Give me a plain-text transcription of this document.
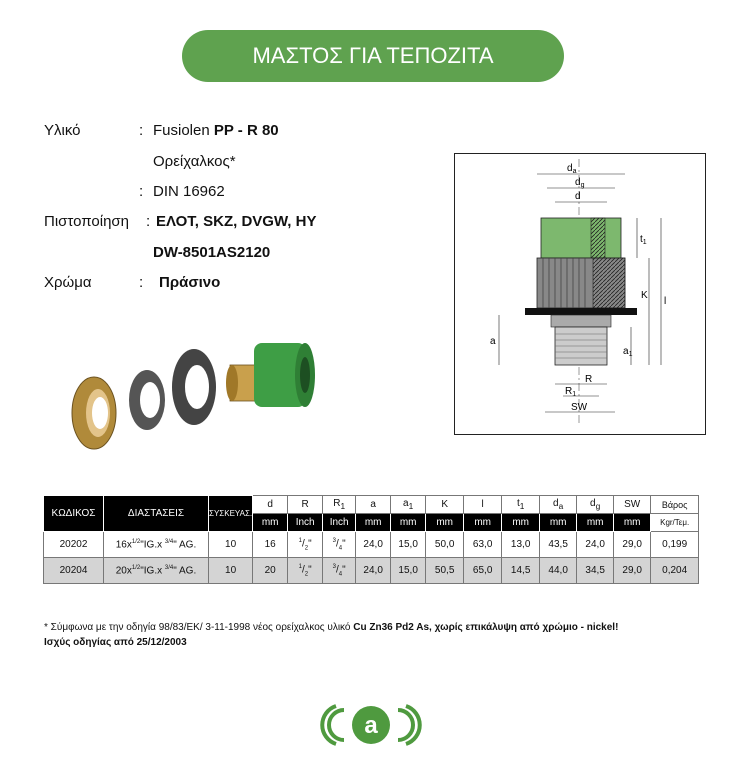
ΜΑΣΤΟΣ ΓΙΑ ΤΕΠΟΖΙΤΑ
Υλικό	: Fusiolen PP - R 80
Ορείχαλκος*
: DIN 16962
Πιστοποίηση	: ΕΛΟΤ, SKZ, DVGW, HY
DW-8501AS2120
Χρώμα	:	Πράσινο
$d_a$
$d_g$
d
$t_1$
K
l
a
$a_1$
R
$R_1$
SW
ΚΩΔΙΚΟΣ	ΔΙΑΣΤΑΣΕΙΣ	ΣΥΣΚΕΥΑΣ.	d	R	$R_1$	a	$a_1$	K	l	$t_1$	$d_a$	$d_g$	SW	Βάρος
			mm	Inch	Inch	mm	mm	mm	mm	mm	mm	mm	mm	Kgr/Τεμ.
20202	$16x^{1/2}"IG.x$ $^{3/4}$" AG.	10	16	$^1/_2$"	$^3/_4$"	24,0	15,0	50,0	63,0	13,0	43,5	24,0	29,0	0,199
20204	$20x^{1/2}"IG.x$ $^{3/4}$" AG.	10	20	$^1/_2$"	$^3/_4$"	24,0	15,0	50,5	65,0	14,5	44,0	34,5	29,0	0,204
* Σύμφωνα με την οδηγία 98/83/ΕΚ/ 3-11-1998 νέος ορείχαλκος υλικό Cu Zn36 Pd2 As, χωρίς επικάλυψη από χρώμιο - nickel!
Ισχύς οδηγίας από 25/12/2003
a
